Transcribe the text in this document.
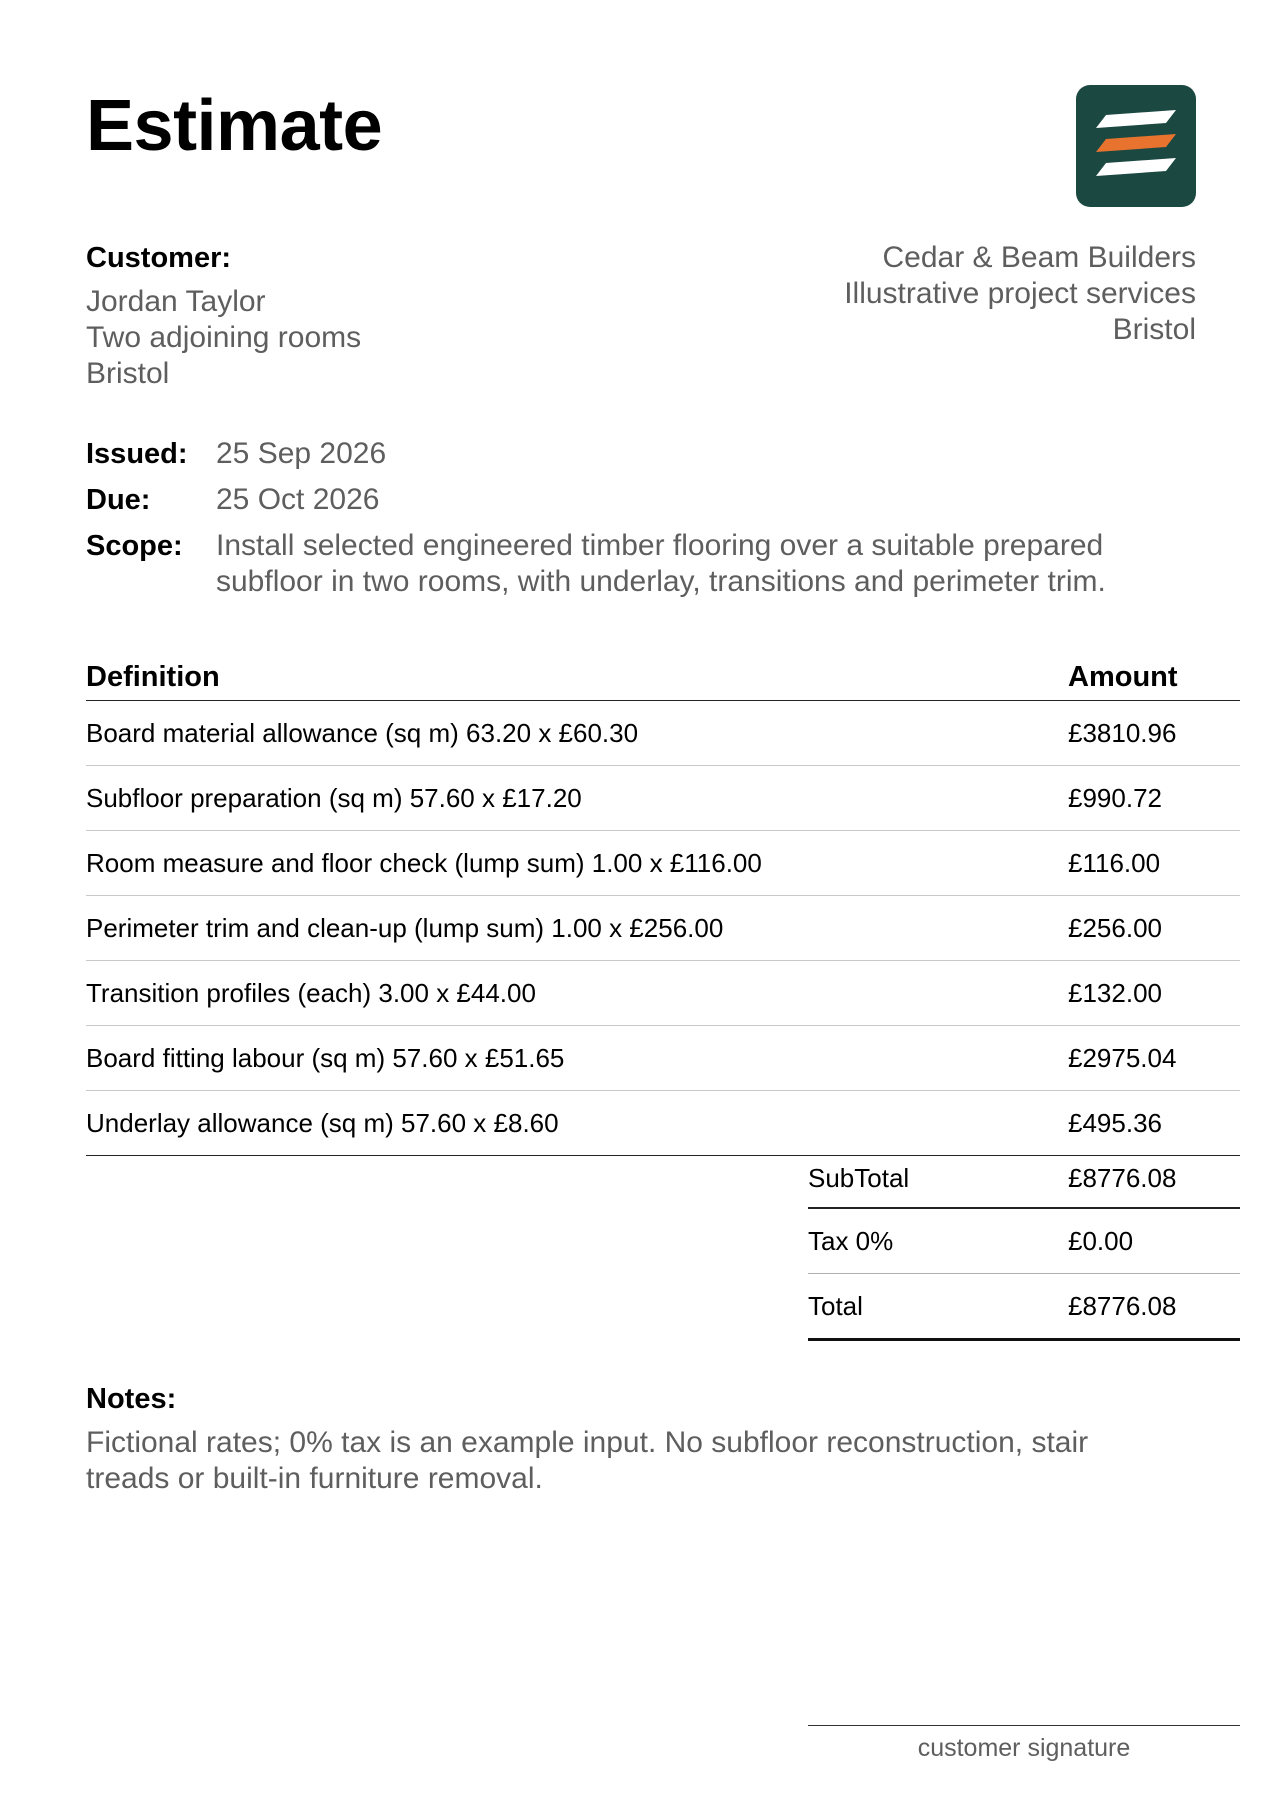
Estimate
Customer:
Jordan Taylor
Two adjoining rooms
Bristol
Cedar & Beam Builders
Illustrative project services
Bristol
Issued: 25 Sep 2026
Due:	25 Oct 2026
Scope:	Install selected engineered timber flooring over a suitable prepared subfloor in two rooms, with underlay, transitions and perimeter trim.
Definition	Amount
Board material allowance (sq m) 63.20 x £60.30	£3810.96
Subfloor preparation (sq m) 57.60 x £17.20	£990.72
Room measure and floor check (lump sum) 1.00 x £116.00	£116.00
Perimeter trim and clean-up (lump sum) 1.00 x £256.00	£256.00
Transition profiles (each) 3.00 x £44.00	£132.00
Board fitting labour (sq m) 57.60 x £51.65	£2975.04
Underlay allowance (sq m) 57.60 x £8.60	£495.36
SubTotal	£8776.08
Tax 0%	£0.00
Total	£8776.08
Notes:
Fictional rates; 0% tax is an example input. No subfloor reconstruction, stair treads or built-in furniture removal.
customer signature
